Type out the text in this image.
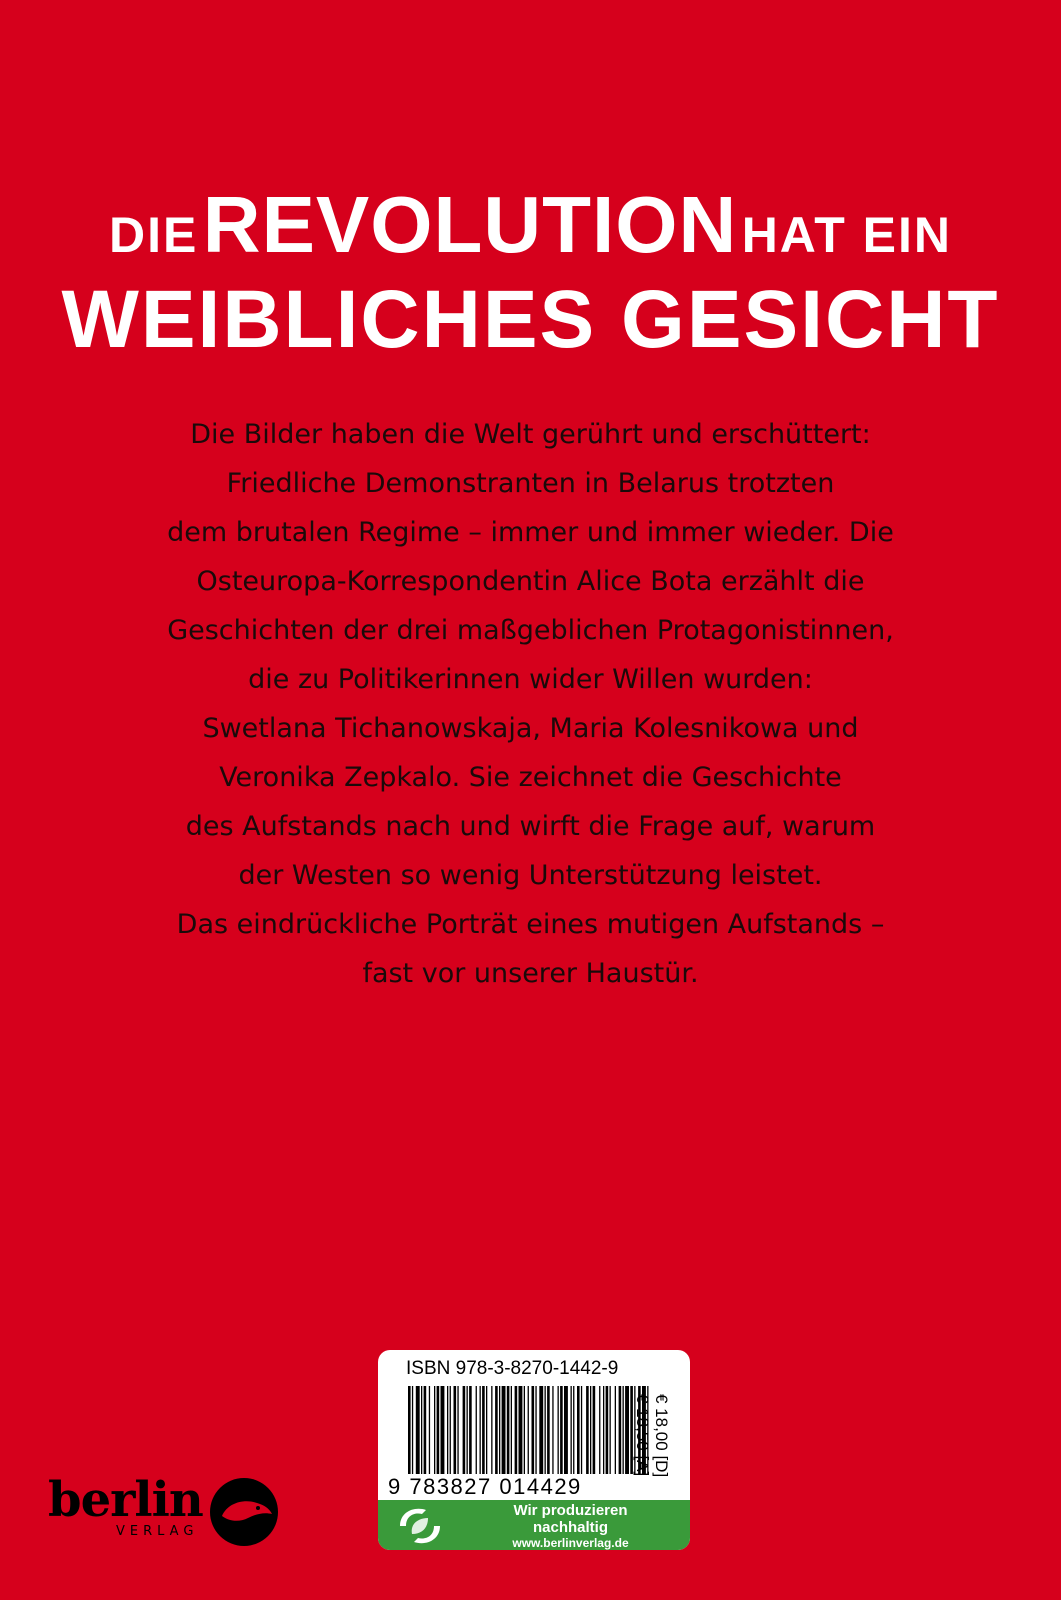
DIE REVOLUTION HAT EIN
WEIBLICHES GESICHT
Die Bilder haben die Welt gerührt und erschüttert:
Friedliche Demonstranten in Belarus trotzten
dem brutalen Regime – immer und immer wieder. Die
Osteuropa-Korrespondentin Alice Bota erzählt die
Geschichten der drei maßgeblichen Protagonistinnen,
die zu Politikerinnen wider Willen wurden:
Swetlana Tichanowskaja, Maria Kolesnikowa und
Veronika Zepkalo. Sie zeichnet die Geschichte
des Aufstands nach und wirft die Frage auf, warum
der Westen so wenig Unterstützung leistet.
Das eindrückliche Porträt eines mutigen Aufstands –
fast vor unserer Haustür.
ISBN 978-3-8270-1442-9
9 783827 014429
€ 18,00 [D]
€ 18,50 [A]
Wir produzieren
nachhaltig
www.berlinverlag.de
berlin
VERLAG
